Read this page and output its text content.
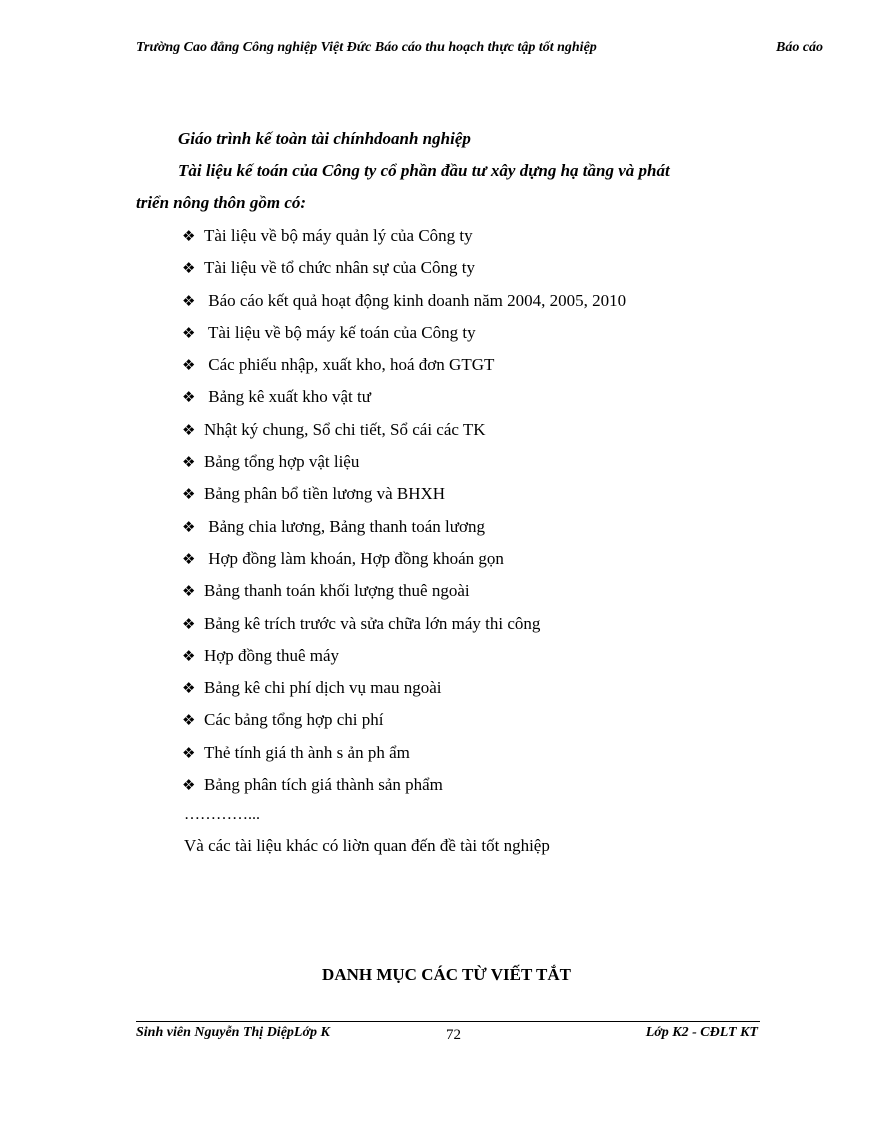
Trường Cao đẳng Công nghiệp Việt Đức Báo cáo thu hoạch thực tập tốt nghiệp	Báo cáo
Giáo trình kế toàn tài chínhdoanh nghiệp
Tài liệu kế toán của Công ty cổ phần đầu tư xây dựng hạ tầng và phát
triển nông thôn gồm có:
❖ Tài liệu về bộ máy quản lý của Công ty
❖ Tài liệu về tổ chức nhân sự của Công ty
❖ Báo cáo kết quả hoạt động kinh doanh năm 2004, 2005, 2010
❖ Tài liệu về bộ máy kế toán của Công ty
❖ Các phiếu nhập, xuất kho, hoá đơn GTGT
❖ Bảng kê xuất kho vật tư
❖ Nhật ký chung, Sổ chi tiết, Sổ cái các TK
❖ Bảng tổng hợp vật liệu
❖ Bảng phân bổ tiền lương và BHXH
❖ Bảng chia lương, Bảng thanh toán lương
❖ Hợp đồng làm khoán, Hợp đồng khoán gọn
❖ Bảng thanh toán khối lượng thuê ngoài
❖ Bảng kê trích trước và sửa chữa lớn máy thi công
❖ Hợp đồng thuê máy
❖ Bảng kê chi phí dịch vụ mau ngoài
❖ Các bảng tổng hợp chi phí
❖ Thẻ tính giá th ành s ản ph ẩm
❖ Bảng phân tích giá thành sản phẩm
…………...
Và các tài liệu khác có liờn quan đến đề tài tốt nghiệp
DANH MỤC CÁC TỪ VIẾT TẮT
Sinh viên Nguyễn Thị DiệpLớp K	72	Lớp K2 - CĐLT KT
